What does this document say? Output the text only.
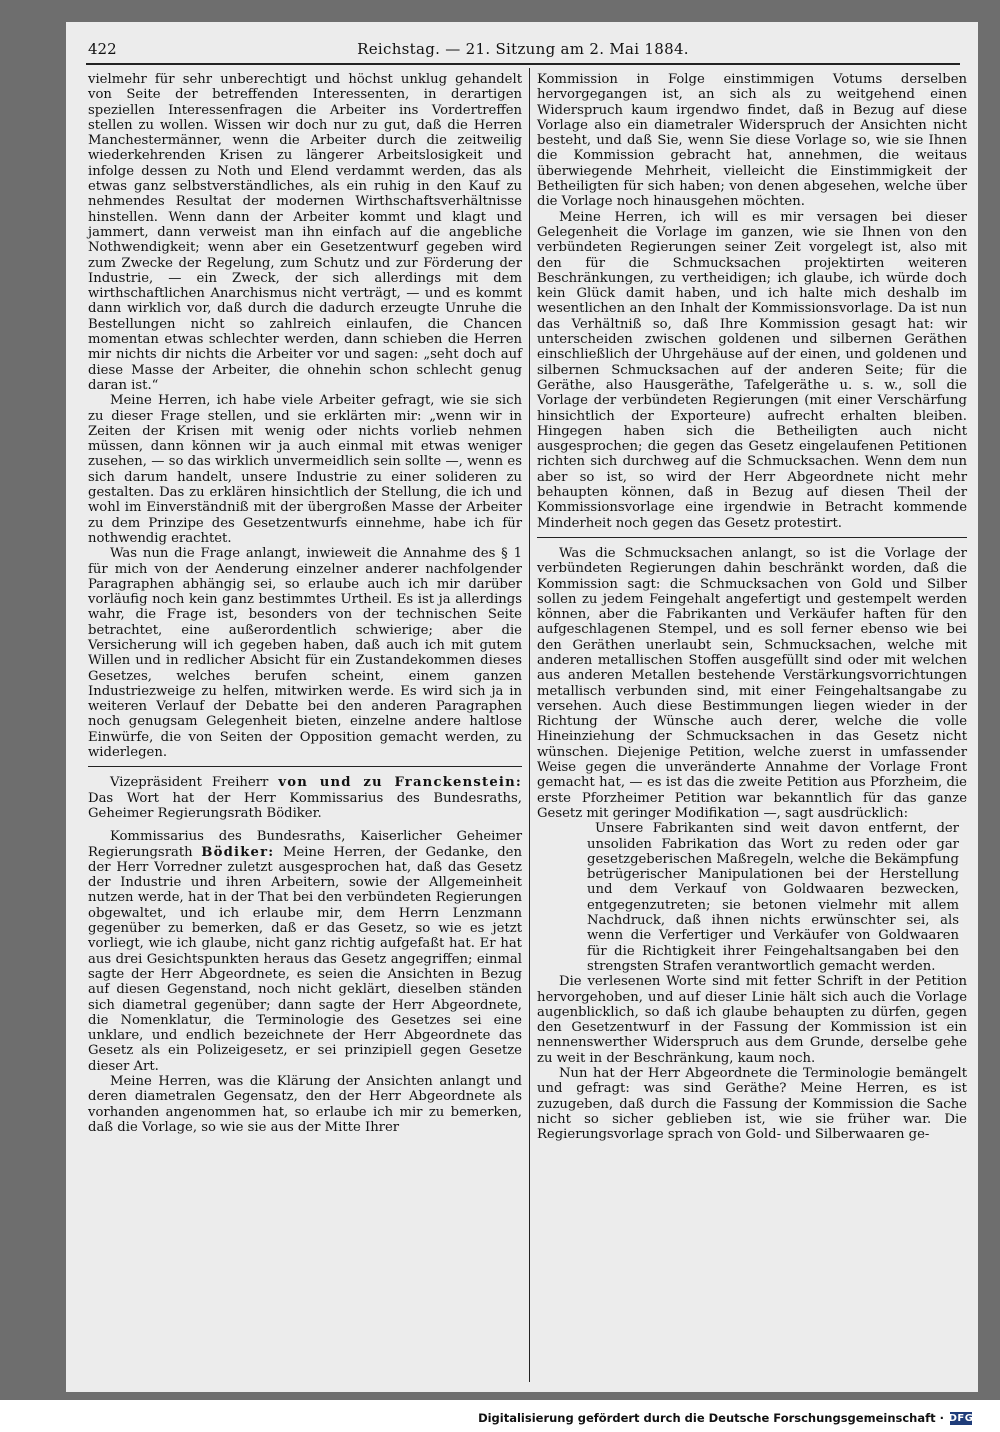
422	Reichstag. — 21. Sitzung am 2. Mai 1884.

vielmehr für sehr unberechtigt und höchst unklug gehandelt von Seite der betreffenden Interessenten, in derartigen speziellen Interessenfragen die Arbeiter ins Vordertreffen stellen zu wollen. Wissen wir doch nur zu gut, daß die Herren Manchestermänner, wenn die Arbeiter durch die zeitweilig wiederkehrenden Krisen zu längerer Arbeitslosigkeit und infolge dessen zu Noth und Elend verdammt werden, das als etwas ganz selbstverständliches, als ein ruhig in den Kauf zu nehmendes Resultat der modernen Wirthschaftsverhältnisse hinstellen. Wenn dann der Arbeiter kommt und klagt und jammert, dann verweist man ihn einfach auf die angebliche Nothwendigkeit; wenn aber ein Gesetzentwurf gegeben wird zum Zwecke der Regelung, zum Schutz und zur Förderung der Industrie, — ein Zweck, der sich allerdings mit dem wirthschaftlichen Anarchismus nicht verträgt, — und es kommt dann wirklich vor, daß durch die dadurch erzeugte Unruhe die Bestellungen nicht so zahlreich einlaufen, die Chancen momentan etwas schlechter werden, dann schieben die Herren mir nichts dir nichts die Arbeiter vor und sagen: „seht doch auf diese Masse der Arbeiter, die ohnehin schon schlecht genug daran ist.“

Meine Herren, ich habe viele Arbeiter gefragt, wie sie sich zu dieser Frage stellen, und sie erklärten mir: „wenn wir in Zeiten der Krisen mit wenig oder nichts vorlieb nehmen müssen, dann können wir ja auch einmal mit etwas weniger zusehen, — so das wirklich unvermeidlich sein sollte —, wenn es sich darum handelt, unsere Industrie zu einer solideren zu gestalten. Das zu erklären hinsichtlich der Stellung, die ich und wohl im Einverständniß mit der übergroßen Masse der Arbeiter zu dem Prinzipe des Gesetzentwurfs einnehme, habe ich für nothwendig erachtet.

Was nun die Frage anlangt, inwieweit die Annahme des § 1 für mich von der Aenderung einzelner anderer nachfolgender Paragraphen abhängig sei, so erlaube auch ich mir darüber vorläufig noch kein ganz bestimmtes Urtheil. Es ist ja allerdings wahr, die Frage ist, besonders von der technischen Seite betrachtet, eine außerordentlich schwierige; aber die Versicherung will ich gegeben haben, daß auch ich mit gutem Willen und in redlicher Absicht für ein Zustandekommen dieses Gesetzes, welches berufen scheint, einem ganzen Industriezweige zu helfen, mitwirken werde. Es wird sich ja in weiteren Verlauf der Debatte bei den anderen Paragraphen noch genugsam Gelegenheit bieten, einzelne andere haltlose Einwürfe, die von Seiten der Opposition gemacht werden, zu widerlegen.

Vizepräsident Freiherr von und zu Franckenstein: Das Wort hat der Herr Kommissarius des Bundesraths, Geheimer Regierungsrath Bödiker.

Kommissarius des Bundesraths, Kaiserlicher Geheimer Regierungsrath Bödiker: Meine Herren, der Gedanke, den der Herr Vorredner zuletzt ausgesprochen hat, daß das Gesetz der Industrie und ihren Arbeitern, sowie der Allgemeinheit nutzen werde, hat in der That bei den verbündeten Regierungen obgewaltet, und ich erlaube mir, dem Herrn Lenzmann gegenüber zu bemerken, daß er das Gesetz, so wie es jetzt vorliegt, wie ich glaube, nicht ganz richtig aufgefaßt hat. Er hat aus drei Gesichtspunkten heraus das Gesetz angegriffen; einmal sagte der Herr Abgeordnete, es seien die Ansichten in Bezug auf diesen Gegenstand, noch nicht geklärt, dieselben ständen sich diametral gegenüber; dann sagte der Herr Abgeordnete, die Nomenklatur, die Terminologie des Gesetzes sei eine unklare, und endlich bezeichnete der Herr Abgeordnete das Gesetz als ein Polizeigesetz, er sei prinzipiell gegen Gesetze dieser Art.

Meine Herren, was die Klärung der Ansichten anlangt und deren diametralen Gegensatz, den der Herr Abgeordnete als vorhanden angenommen hat, so erlaube ich mir zu bemerken, daß die Vorlage, so wie sie aus der Mitte Ihrer

Kommission in Folge einstimmigen Votums derselben hervorgegangen ist, an sich als zu weitgehend einen Widerspruch kaum irgendwo findet, daß in Bezug auf diese Vorlage also ein diametraler Widerspruch der Ansichten nicht besteht, und daß Sie, wenn Sie diese Vorlage so, wie sie Ihnen die Kommission gebracht hat, annehmen, die weitaus überwiegende Mehrheit, vielleicht die Einstimmigkeit der Betheiligten für sich haben; von denen abgesehen, welche über die Vorlage noch hinausgehen möchten.

Meine Herren, ich will es mir versagen bei dieser Gelegenheit die Vorlage im ganzen, wie sie Ihnen von den verbündeten Regierungen seiner Zeit vorgelegt ist, also mit den für die Schmucksachen projektirten weiteren Beschränkungen, zu vertheidigen; ich glaube, ich würde doch kein Glück damit haben, und ich halte mich deshalb im wesentlichen an den Inhalt der Kommissionsvorlage. Da ist nun das Verhältniß so, daß Ihre Kommission gesagt hat: wir unterscheiden zwischen goldenen und silbernen Geräthen einschließlich der Uhrgehäuse auf der einen, und goldenen und silbernen Schmucksachen auf der anderen Seite; für die Geräthe, also Hausgeräthe, Tafelgeräthe u. s. w., soll die Vorlage der verbündeten Regierungen (mit einer Verschärfung hinsichtlich der Exporteure) aufrecht erhalten bleiben. Hingegen haben sich die Betheiligten auch nicht ausgesprochen; die gegen das Gesetz eingelaufenen Petitionen richten sich durchweg auf die Schmucksachen. Wenn dem nun aber so ist, so wird der Herr Abgeordnete nicht mehr behaupten können, daß in Bezug auf diesen Theil der Kommissionsvorlage eine irgendwie in Betracht kommende Minderheit noch gegen das Gesetz protestirt.

Was die Schmucksachen anlangt, so ist die Vorlage der verbündeten Regierungen dahin beschränkt worden, daß die Kommission sagt: die Schmucksachen von Gold und Silber sollen zu jedem Feingehalt angefertigt und gestempelt werden können, aber die Fabrikanten und Verkäufer haften für den aufgeschlagenen Stempel, und es soll ferner ebenso wie bei den Geräthen unerlaubt sein, Schmucksachen, welche mit anderen metallischen Stoffen ausgefüllt sind oder mit welchen aus anderen Metallen bestehende Verstärkungsvorrichtungen metallisch verbunden sind, mit einer Feingehaltsangabe zu versehen. Auch diese Bestimmungen liegen wieder in der Richtung der Wünsche auch derer, welche die volle Hineinziehung der Schmucksachen in das Gesetz nicht wünschen. Diejenige Petition, welche zuerst in umfassender Weise gegen die unveränderte Annahme der Vorlage Front gemacht hat, — es ist das die zweite Petition aus Pforzheim, die erste Pforzheimer Petition war bekanntlich für das ganze Gesetz mit geringer Modifikation —, sagt ausdrücklich:

Unsere Fabrikanten sind weit davon entfernt, der unsoliden Fabrikation das Wort zu reden oder gar gesetzgeberischen Maßregeln, welche die Bekämpfung betrügerischer Manipulationen bei der Herstellung und dem Verkauf von Goldwaaren bezwecken, entgegenzutreten; sie betonen vielmehr mit allem Nachdruck, daß ihnen nichts erwünschter sei, als wenn die Verfertiger und Verkäufer von Goldwaaren für die Richtigkeit ihrer Feingehaltsangaben bei den strengsten Strafen verantwortlich gemacht werden.

Die verlesenen Worte sind mit fetter Schrift in der Petition hervorgehoben, und auf dieser Linie hält sich auch die Vorlage augenblicklich, so daß ich glaube behaupten zu dürfen, gegen den Gesetzentwurf in der Fassung der Kommission ist ein nennenswerther Widerspruch aus dem Grunde, derselbe gehe zu weit in der Beschränkung, kaum noch.

Nun hat der Herr Abgeordnete die Terminologie bemängelt und gefragt: was sind Geräthe? Meine Herren, es ist zuzugeben, daß durch die Fassung der Kommission die Sache nicht so sicher geblieben ist, wie sie früher war. Die Regierungsvorlage sprach von Gold- und Silberwaaren ge-

Digitalisierung gefördert durch die Deutsche Forschungsgemeinschaft · DFG
